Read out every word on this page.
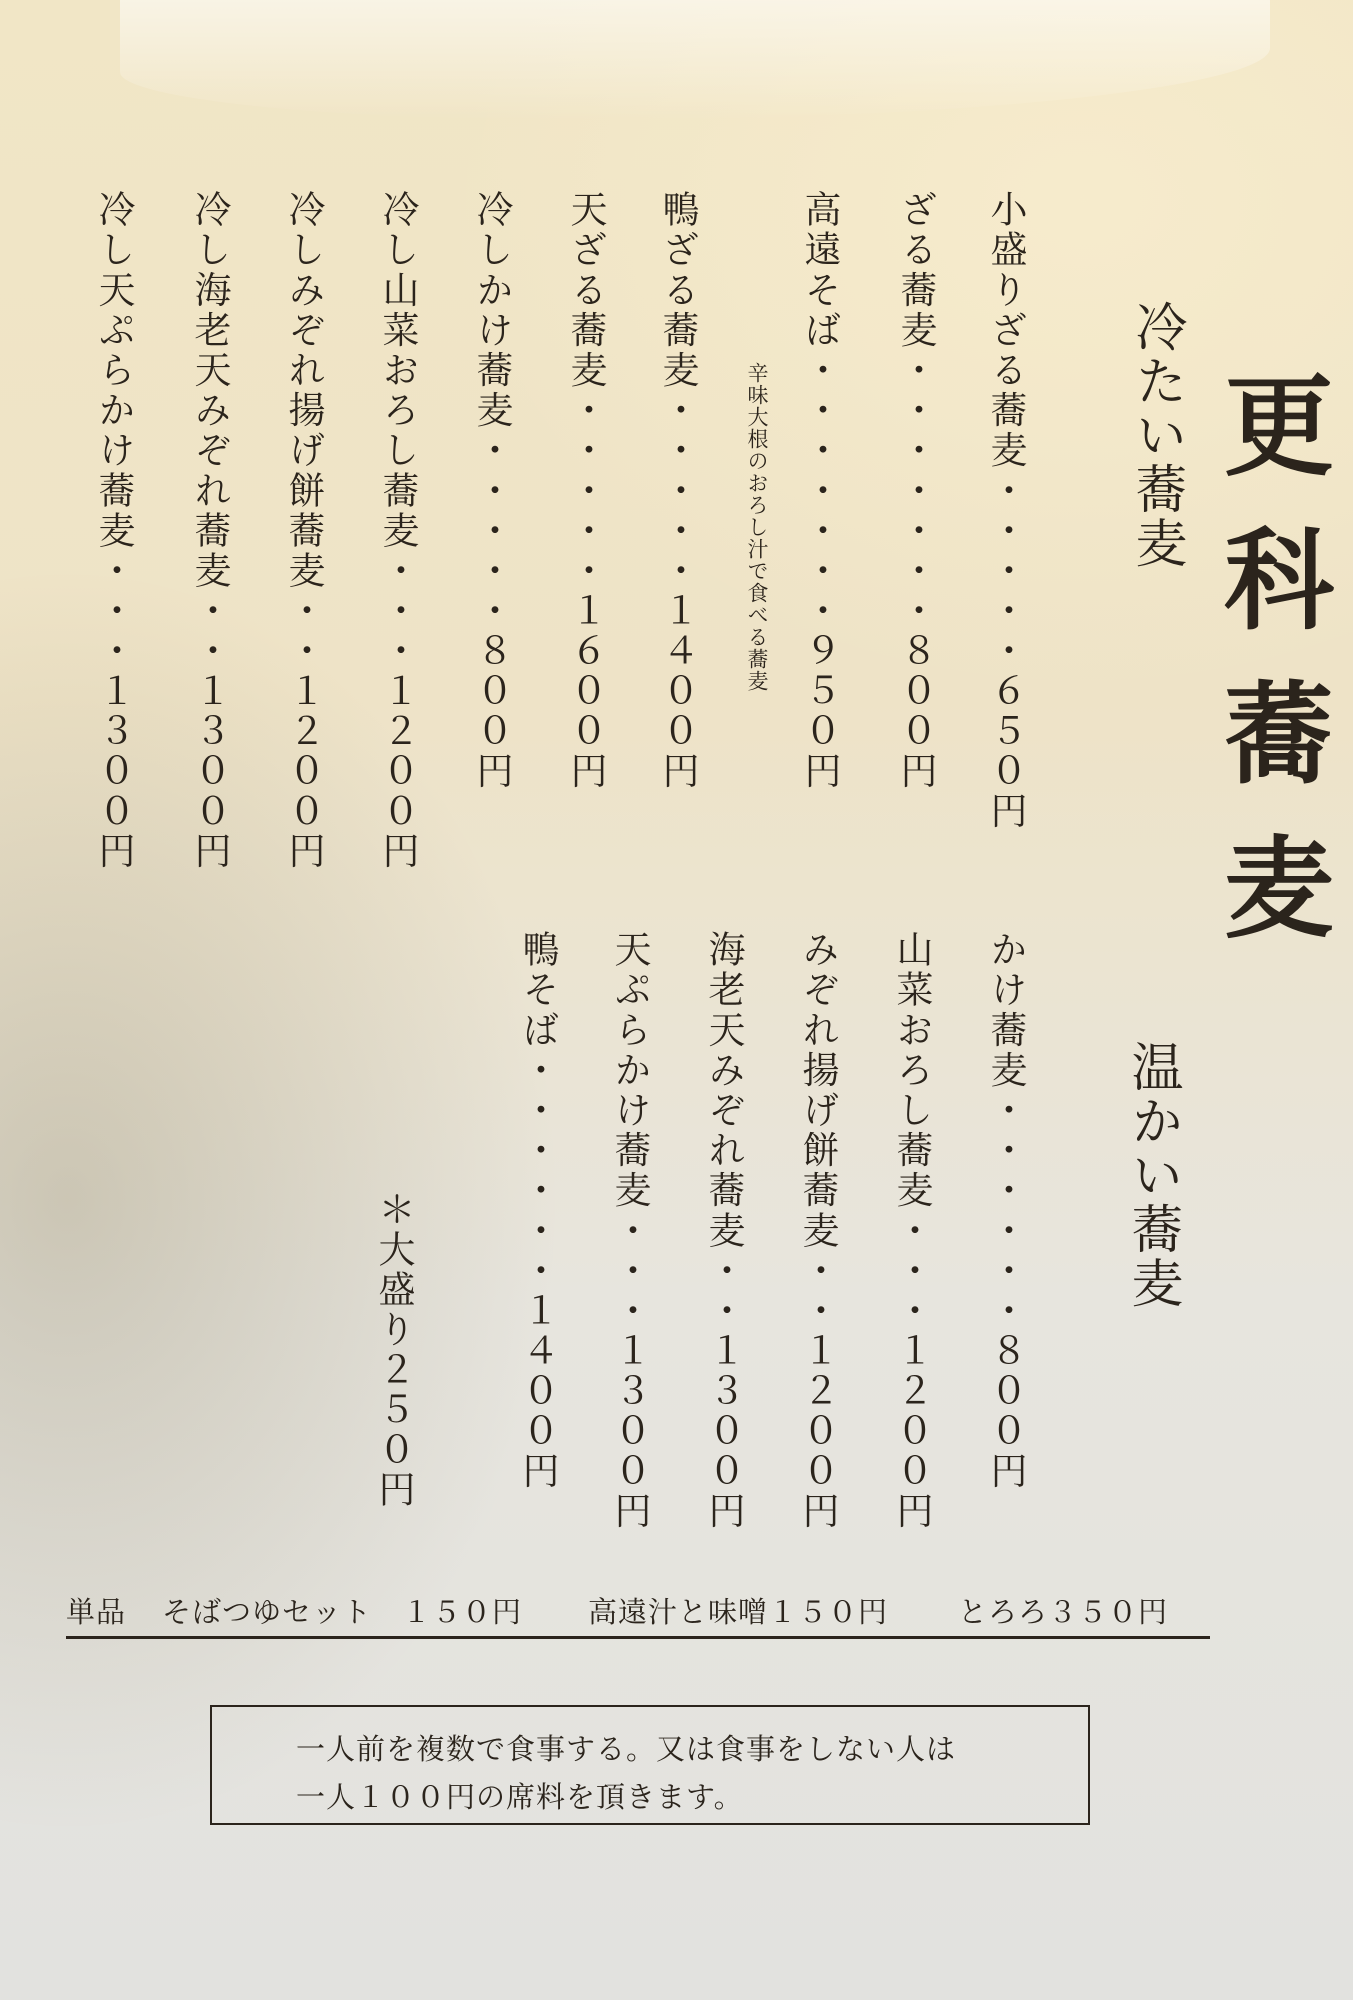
更科蕎麦
冷たい蕎麦
小盛りざる蕎麦・・・・・６５０円
ざる蕎麦・・・・・・・８００円
高遠そば・・・・・・・９５０円
辛味大根のおろし汁で食べる蕎麦
鴨ざる蕎麦・・・・・１４００円
天ざる蕎麦・・・・・１６００円
冷しかけ蕎麦・・・・・８００円
冷し山菜おろし蕎麦・・・１２００円
冷しみぞれ揚げ餅蕎麦・・１２００円
冷し海老天みぞれ蕎麦・・１３００円
冷し天ぷらかけ蕎麦・・・１３００円
温かい蕎麦
かけ蕎麦・・・・・・８００円
山菜おろし蕎麦・・・１２００円
みぞれ揚げ餅蕎麦・・１２００円
海老天みぞれ蕎麦・・１３００円
天ぷらかけ蕎麦・・・１３００円
鴨そば・・・・・・１４００円
＊大盛り２５０円
単品 そばつゆセット　１５０円 高遠汁と味噌１５０円 とろろ３５０円
一人前を複数で食事する。又は食事をしない人は
一人１００円の席料を頂きます。
